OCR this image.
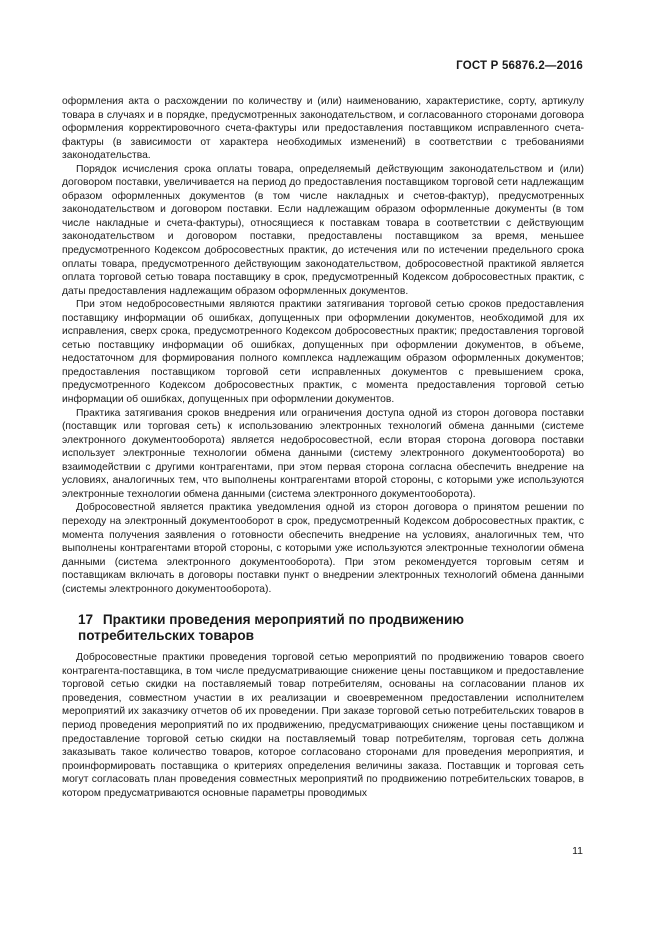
ГОСТ Р 56876.2—2016

оформления акта о расхождении по количеству и (или) наименованию, характеристике, сорту, артикулу товара в случаях и в порядке, предусмотренных законодательством, и согласованного сторонами договора оформления корректировочного счета-фактуры или предоставления поставщиком исправленного счета-фактуры (в зависимости от характера необходимых изменений) в соответствии с требованиями законодательства.

Порядок исчисления срока оплаты товара, определяемый действующим законодательством и (или) договором поставки, увеличивается на период до предоставления поставщиком торговой сети надлежащим образом оформленных документов (в том числе накладных и счетов-фактур), предусмотренных законодательством и договором поставки. Если надлежащим образом оформленные документы (в том числе накладные и счета-фактуры), относящиеся к поставкам товара в соответствии с действующим законодательством и договором поставки, предоставлены поставщиком за время, меньшее предусмотренного Кодексом добросовестных практик, до истечения или по истечении предельного срока оплаты товара, предусмотренного действующим законодательством, добросовестной практикой является оплата торговой сетью товара поставщику в срок, предусмотренный Кодексом добросовестных практик, с даты предоставления надлежащим образом оформленных документов.

При этом недобросовестными являются практики затягивания торговой сетью сроков предоставления поставщику информации об ошибках, допущенных при оформлении документов, необходимой для их исправления, сверх срока, предусмотренного Кодексом добросовестных практик; предоставления торговой сетью поставщику информации об ошибках, допущенных при оформлении документов, в объеме, недостаточном для формирования полного комплекса надлежащим образом оформленных документов; предоставления поставщиком торговой сети исправленных документов с превышением срока, предусмотренного Кодексом добросовестных практик, с момента предоставления торговой сетью информации об ошибках, допущенных при оформлении документов.

Практика затягивания сроков внедрения или ограничения доступа одной из сторон договора поставки (поставщик или торговая сеть) к использованию электронных технологий обмена данными (системе электронного документооборота) является недобросовестной, если вторая сторона договора поставки использует электронные технологии обмена данными (систему электронного документооборота) во взаимодействии с другими контрагентами, при этом первая сторона согласна обеспечить внедрение на условиях, аналогичных тем, что выполнены контрагентами второй стороны, с которыми уже используются электронные технологии обмена данными (система электронного документооборота).

Добросовестной является практика уведомления одной из сторон договора о принятом решении по переходу на электронный документооборот в срок, предусмотренный Кодексом добросовестных практик, с момента получения заявления о готовности обеспечить внедрение на условиях, аналогичных тем, что выполнены контрагентами второй стороны, с которыми уже используются электронные технологии обмена данными (система электронного документооборота). При этом рекомендуется торговым сетям и поставщикам включать в договоры поставки пункт о внедрении электронных технологий обмена данными (системы электронного документооборота).

17 Практики проведения мероприятий по продвижению потребительских товаров

Добросовестные практики проведения торговой сетью мероприятий по продвижению товаров своего контрагента-поставщика, в том числе предусматривающие снижение цены поставщиком и предоставление торговой сетью скидки на поставляемый товар потребителям, основаны на согласовании планов их проведения, совместном участии в их реализации и своевременном предоставлении исполнителем мероприятий их заказчику отчетов об их проведении. При заказе торговой сетью потребительских товаров в период проведения мероприятий по их продвижению, предусматривающих снижение цены поставщиком и предоставление торговой сетью скидки на поставляемый товар потребителям, торговая сеть должна заказывать такое количество товаров, которое согласовано сторонами для проведения мероприятия, и проинформировать поставщика о критериях определения величины заказа. Поставщик и торговая сеть могут согласовать план проведения совместных мероприятий по продвижению потребительских товаров, в котором предусматриваются основные параметры проводимых

11
